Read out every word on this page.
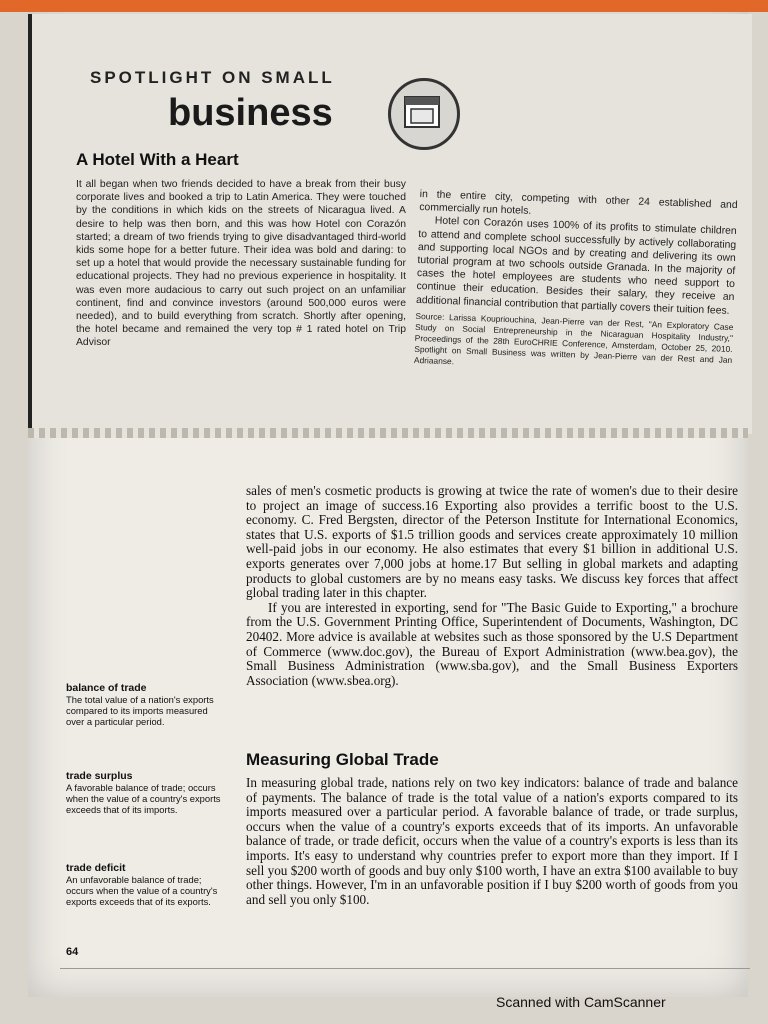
SPOTLIGHT ON SMALL
business
A Hotel With a Heart

It all began when two friends decided to have a break from their busy corporate lives and booked a trip to Latin America. They were touched by the conditions in which kids on the streets of Nicaragua lived. A desire to help was then born, and this was how Hotel con Corazón started; a dream of two friends trying to give disadvantaged third-world kids some hope for a better future. Their idea was bold and daring: to set up a hotel that would provide the necessary sustainable funding for educational projects. They had no previous experience in hospitality. It was even more audacious to carry out such project on an unfamiliar continent, find and convince investors (around 500,000 euros were needed), and to build everything from scratch. Shortly after opening, the hotel became and remained the very top # 1 rated hotel on Trip Advisor

in the entire city, competing with other 24 established and commercially run hotels.

Hotel con Corazón uses 100% of its profits to stimulate children to attend and complete school successfully by actively collaborating and supporting local NGOs and by creating and delivering its own tutorial program at two schools outside Granada. In the majority of cases the hotel employees are students who need support to continue their education. Besides their salary, they receive an additional financial contribution that partially covers their tuition fees.

Source: Larissa Koupriouchina, Jean-Pierre van der Rest, "An Exploratory Case Study on Social Entrepreneurship in the Nicaraguan Hospitality Industry," Proceedings of the 28th EuroCHRIE Conference, Amsterdam, October 25, 2010. Spotlight on Small Business was written by Jean-Pierre van der Rest and Jan Adriaanse.

sales of men's cosmetic products is growing at twice the rate of women's due to their desire to project an image of success.16 Exporting also provides a terrific boost to the U.S. economy. C. Fred Bergsten, director of the Peterson Institute for International Economics, states that U.S. exports of $1.5 trillion goods and services create approximately 10 million well-paid jobs in our economy. He also estimates that every $1 billion in additional U.S. exports generates over 7,000 jobs at home.17 But selling in global markets and adapting products to global customers are by no means easy tasks. We discuss key forces that affect global trading later in this chapter.

If you are interested in exporting, send for "The Basic Guide to Exporting," a brochure from the U.S. Government Printing Office, Superintendent of Documents, Washington, DC 20402. More advice is available at websites such as those sponsored by the U.S Department of Commerce (www.doc.gov), the Bureau of Export Administration (www.bea.gov), the Small Business Administration (www.sba.gov), and the Small Business Exporters Association (www.sbea.org).

Measuring Global Trade

In measuring global trade, nations rely on two key indicators: balance of trade and balance of payments. The balance of trade is the total value of a nation's exports compared to its imports measured over a particular period. A favorable balance of trade, or trade surplus, occurs when the value of a country's exports exceeds that of its imports. An unfavorable balance of trade, or trade deficit, occurs when the value of a country's exports is less than its imports. It's easy to understand why countries prefer to export more than they import. If I sell you $200 worth of goods and buy only $100 worth, I have an extra $100 available to buy other things. However, I'm in an unfavorable position if I buy $200 worth of goods from you and sell you only $100.

balance of trade
The total value of a nation's exports compared to its imports measured over a particular period.
trade surplus
A favorable balance of trade; occurs when the value of a country's exports exceeds that of its imports.
trade deficit
An unfavorable balance of trade; occurs when the value of a country's exports exceeds that of its exports.
64
Scanned with CamScanner
